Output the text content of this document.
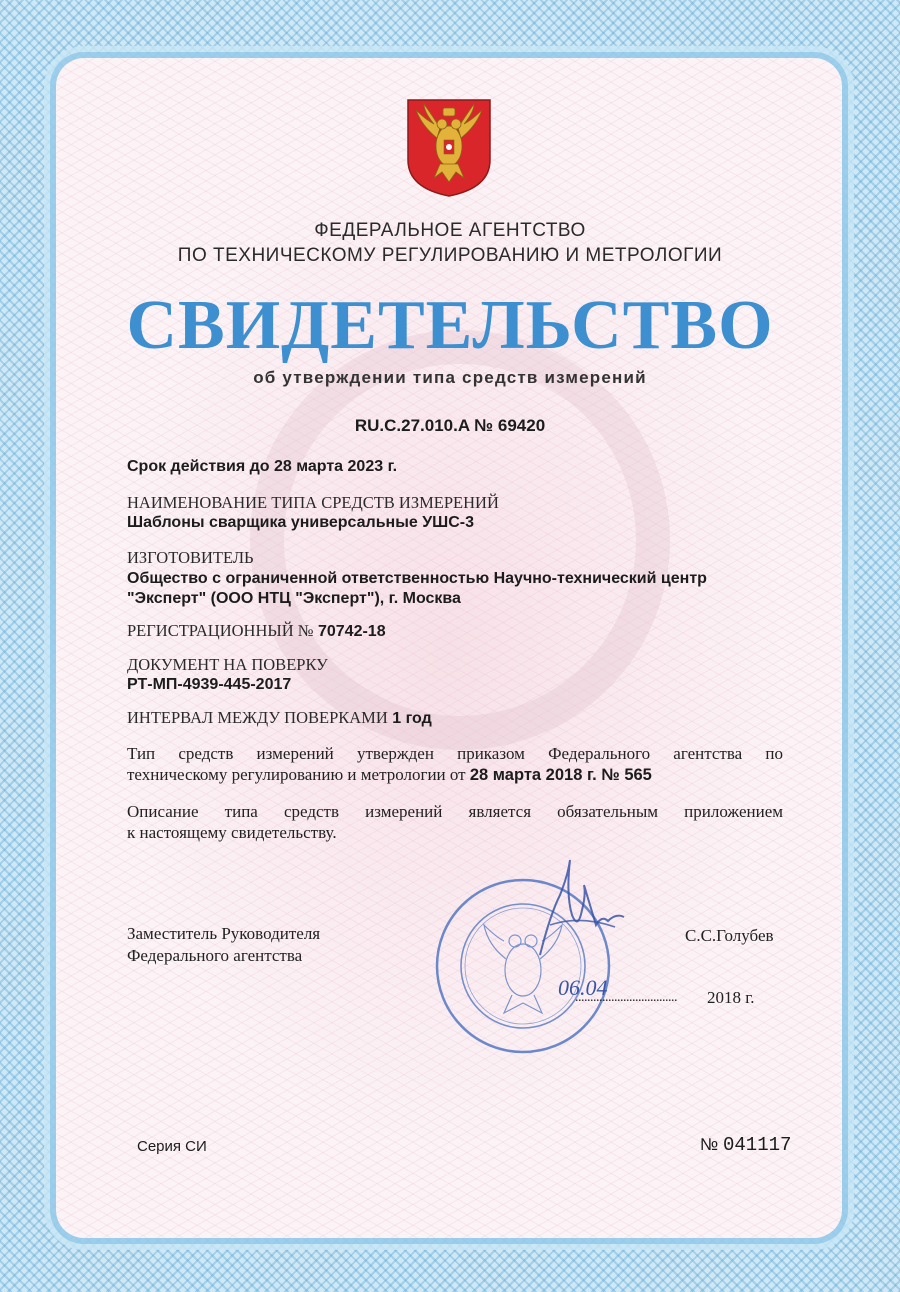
ФЕДЕРАЛЬНОЕ АГЕНТСТВО
ПО ТЕХНИЧЕСКОМУ РЕГУЛИРОВАНИЮ И МЕТРОЛОГИИ
СВИДЕТЕЛЬСТВО
об утверждении типа средств измерений
RU.C.27.010.A № 69420
Срок действия до 28 марта 2023 г.
НАИМЕНОВАНИЕ ТИПА СРЕДСТВ ИЗМЕРЕНИЙ
Шаблоны сварщика универсальные УШС-3
ИЗГОТОВИТЕЛЬ
Общество с ограниченной ответственностью Научно-технический центр
"Эксперт" (ООО НТЦ "Эксперт"), г. Москва
РЕГИСТРАЦИОННЫЙ № 70742-18
ДОКУМЕНТ НА ПОВЕРКУ
РТ-МП-4939-445-2017
ИНТЕРВАЛ МЕЖДУ ПОВЕРКАМИ 1 год
Тип средств измерений утвержден приказом Федерального агентства по
техническому регулированию и метрологии от 28 марта 2018 г. № 565
Описание типа средств измерений является обязательным приложением
к настоящему свидетельству.
Заместитель Руководителя
Федерального агентства
С.С.Голубев
06.04
.................................. 2018 г.
Серия СИ	№ 041117
